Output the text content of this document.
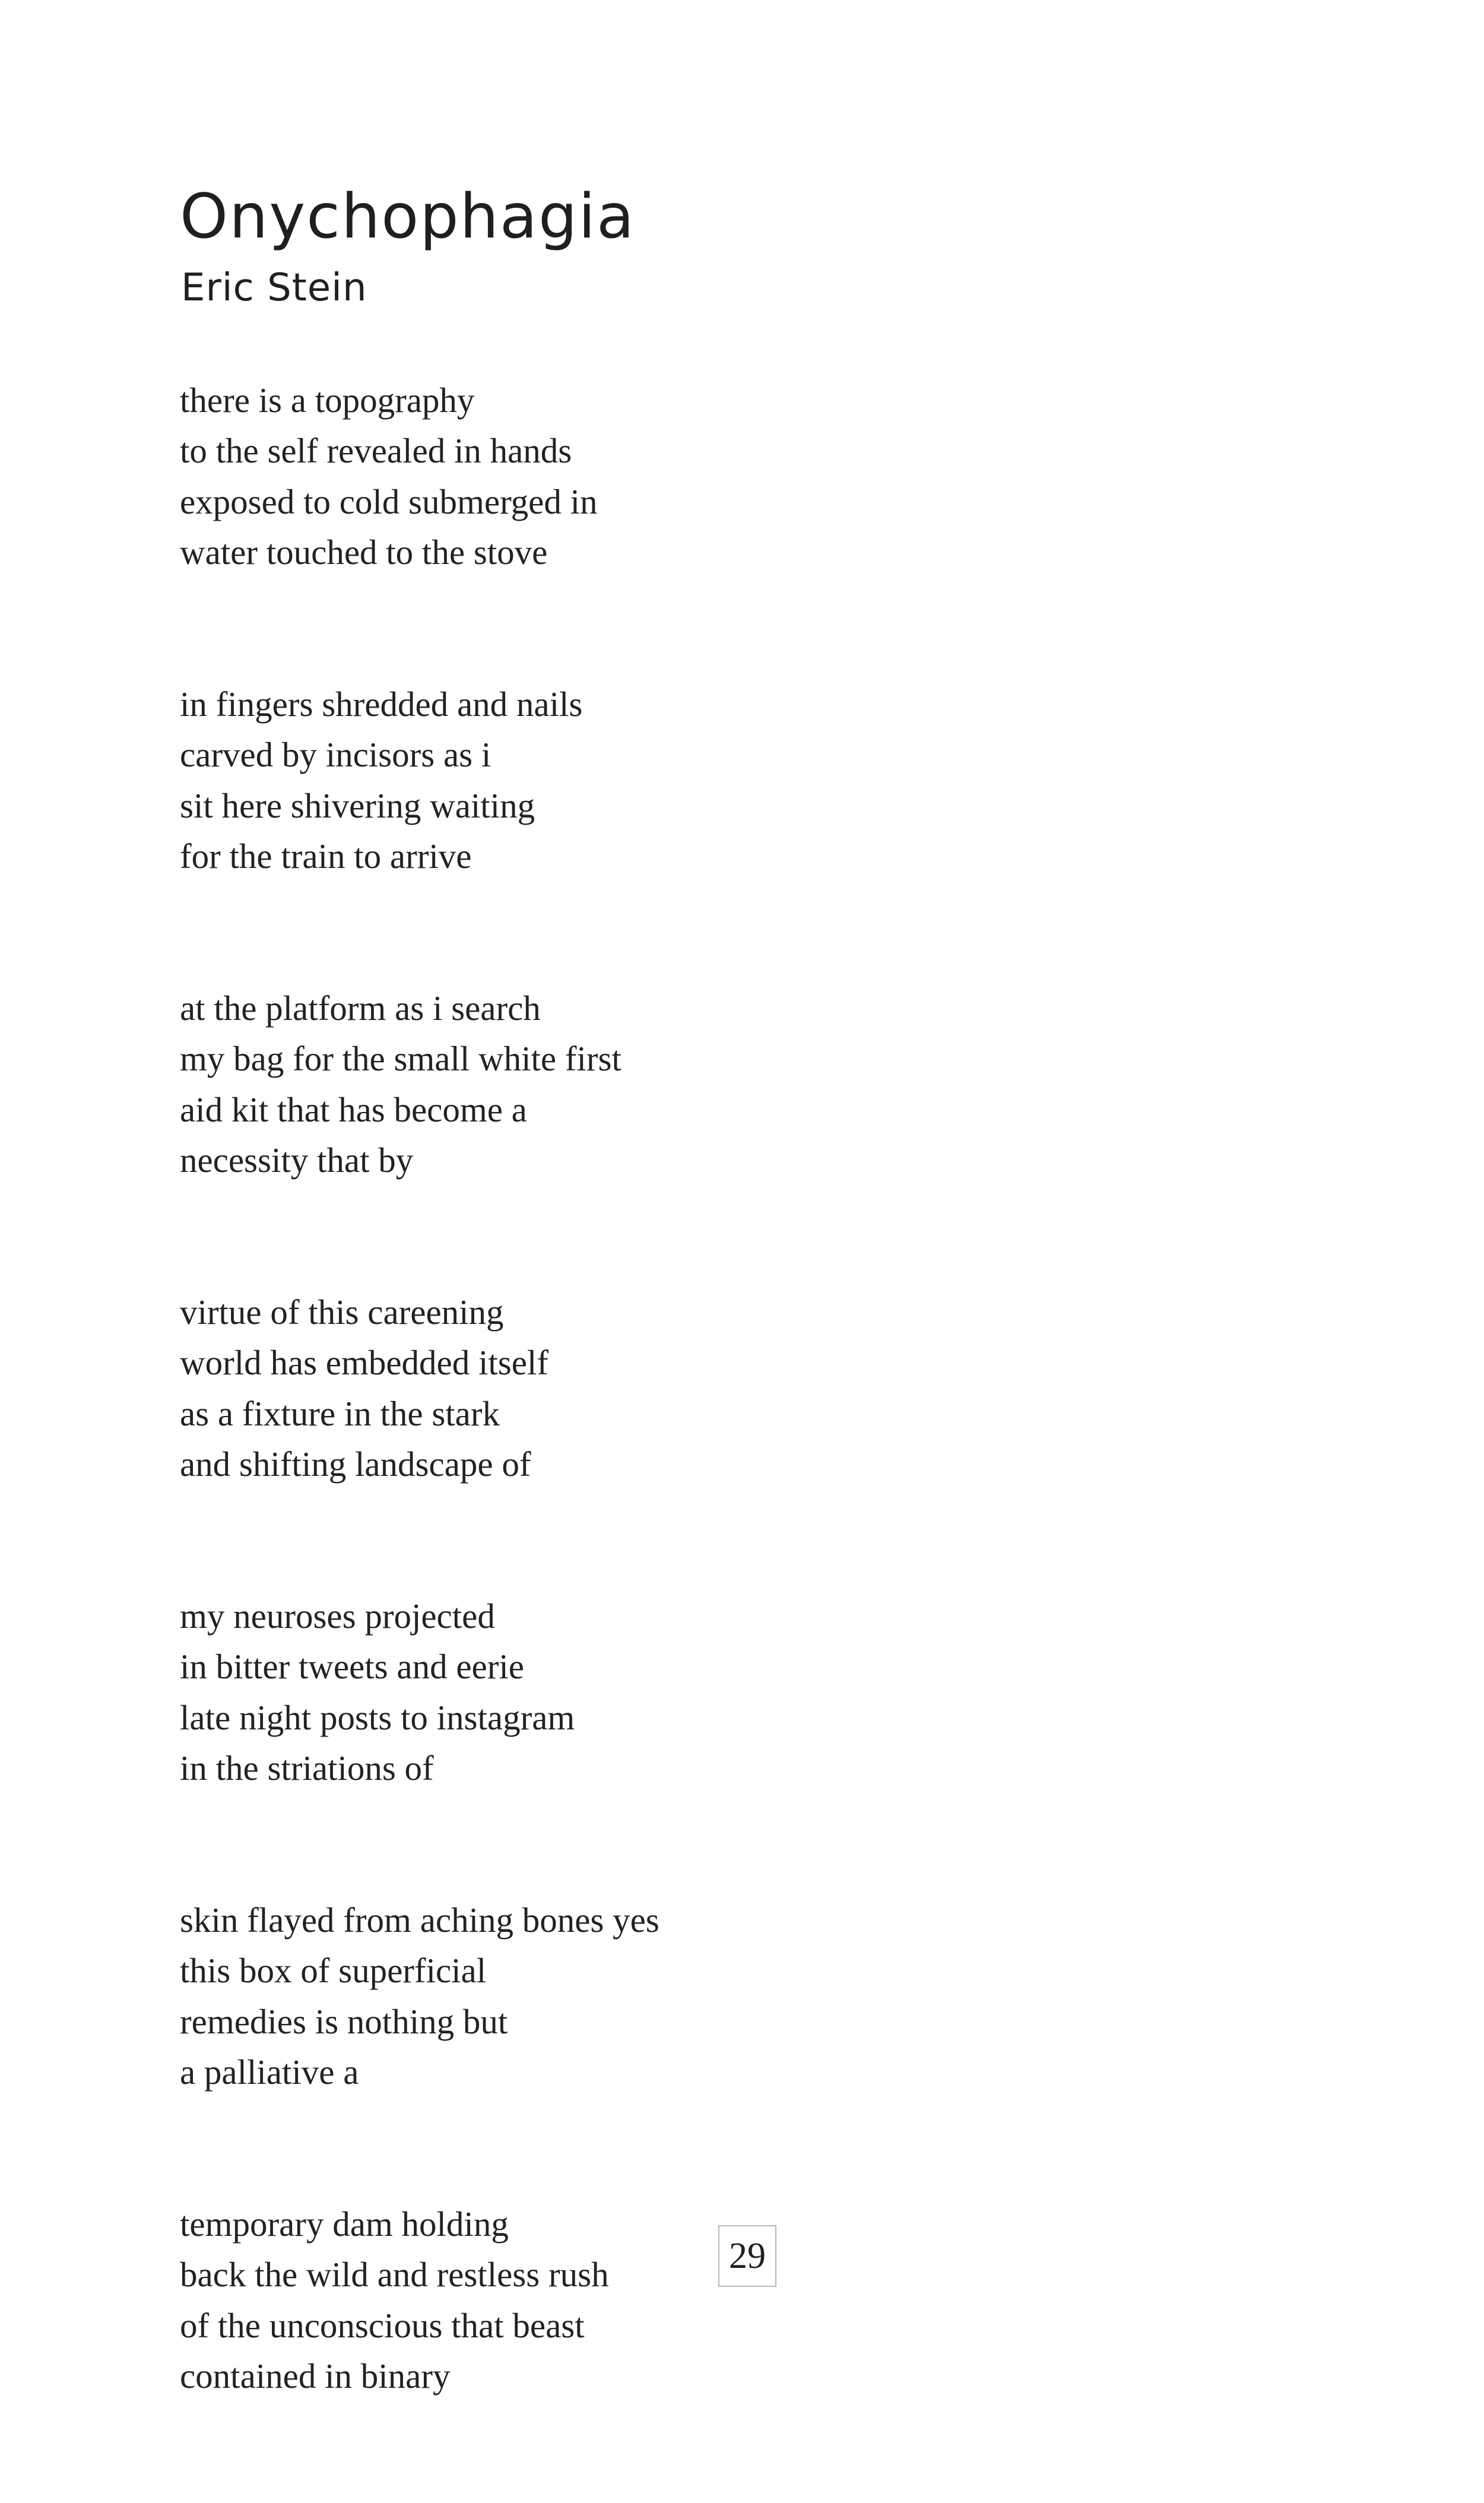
Onychophagia
Eric Stein

there is a topography
to the self revealed in hands
exposed to cold submerged in
water touched to the stove

in fingers shredded and nails
carved by incisors as i
sit here shivering waiting
for the train to arrive

at the platform as i search
my bag for the small white first
aid kit that has become a
necessity that by

virtue of this careening
world has embedded itself
as a fixture in the stark
and shifting landscape of

my neuroses projected
in bitter tweets and eerie
late night posts to instagram
in the striations of

skin flayed from aching bones yes
this box of superficial
remedies is nothing but
a palliative a

temporary dam holding
back the wild and restless rush
of the unconscious that beast
contained in binary

29
